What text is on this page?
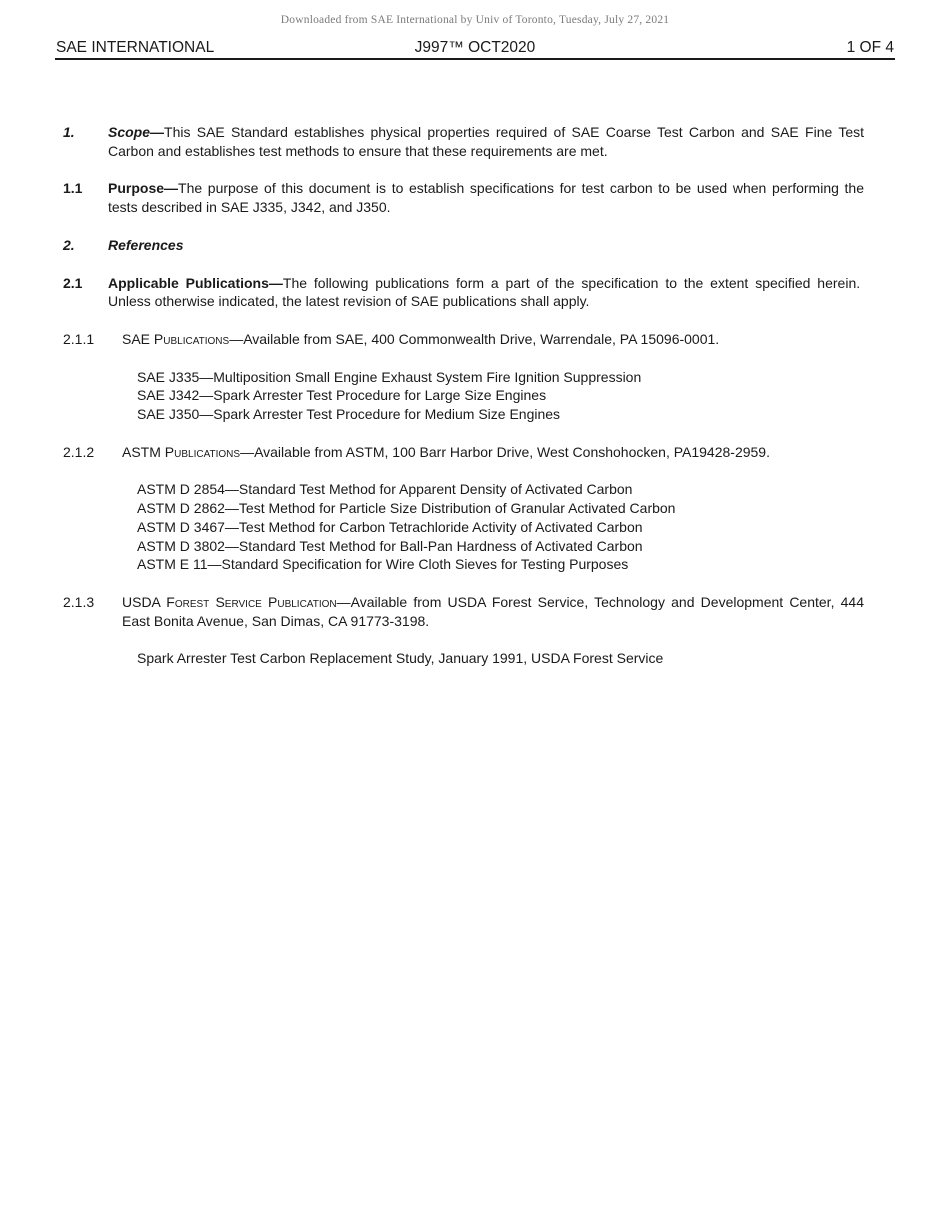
Downloaded from SAE International by Univ of Toronto, Tuesday, July 27, 2021
SAE INTERNATIONAL	J997™ OCT2020	1 OF 4
1. Scope—This SAE Standard establishes physical properties required of SAE Coarse Test Carbon and SAE Fine Test Carbon and establishes test methods to ensure that these requirements are met.
1.1 Purpose—The purpose of this document is to establish specifications for test carbon to be used when performing the tests described in SAE J335, J342, and J350.
2. References
2.1 Applicable Publications—The following publications form a part of the specification to the extent specified herein.  Unless otherwise indicated, the latest revision of SAE publications shall apply.
2.1.1 SAE Publications—Available from SAE, 400 Commonwealth Drive, Warrendale, PA 15096-0001.
SAE J335—Multiposition Small Engine Exhaust System Fire Ignition Suppression
SAE J342—Spark Arrester Test Procedure for Large Size Engines
SAE J350—Spark Arrester Test Procedure for Medium Size Engines
2.1.2 ASTM Publications—Available from ASTM, 100 Barr Harbor Drive, West Conshohocken, PA19428-2959.
ASTM D 2854—Standard Test Method for Apparent Density of Activated Carbon
ASTM D 2862—Test Method for Particle Size Distribution of Granular Activated Carbon
ASTM D 3467—Test Method for Carbon Tetrachloride Activity of Activated Carbon
ASTM D 3802—Standard Test Method for Ball-Pan Hardness of Activated Carbon
ASTM E 11—Standard Specification for Wire Cloth Sieves for Testing Purposes
2.1.3 USDA Forest Service Publication—Available from USDA Forest Service, Technology and Development Center, 444 East Bonita Avenue, San Dimas, CA 91773-3198.
Spark Arrester Test Carbon Replacement Study, January 1991, USDA Forest Service
